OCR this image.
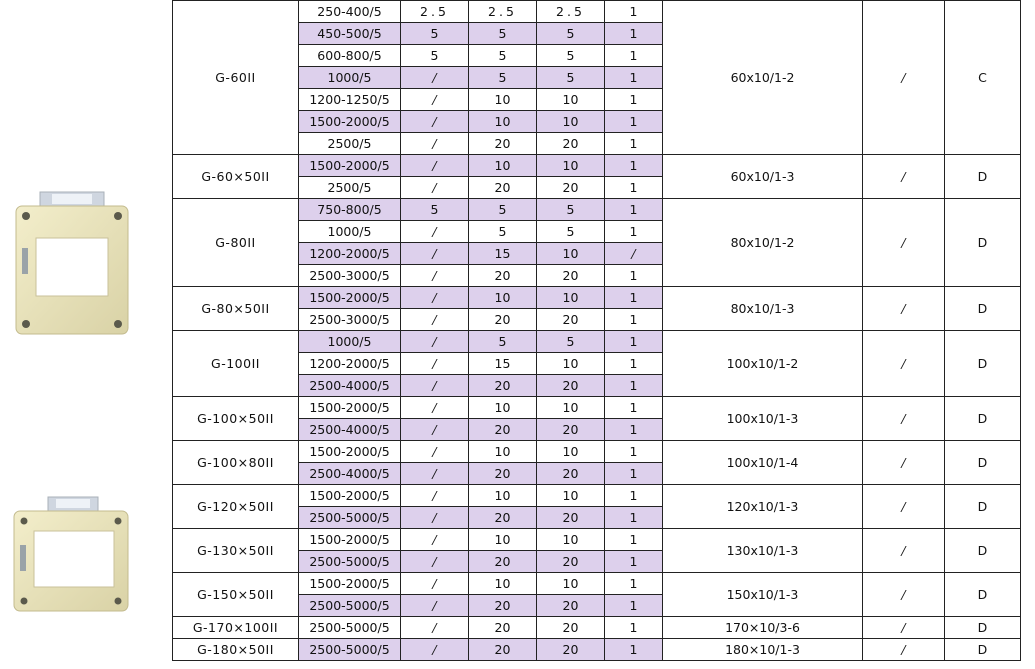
G-60II	250-400/5	2.5	2.5	2.5	1	60x10/1-2	/	C
	450-500/5	5	5	5	1			
	600-800/5	5	5	5	1			
	1000/5	/	5	5	1			
	1200-1250/5	/	10	10	1			
	1500-2000/5	/	10	10	1			
	2500/5	/	20	20	1			
G-60×50II	1500-2000/5	/	10	10	1	60x10/1-3	/	D
	2500/5	/	20	20	1			
G-80II	750-800/5	5	5	5	1	80x10/1-2	/	D
	1000/5	/	5	5	1			
	1200-2000/5	/	15	10	/			
	2500-3000/5	/	20	20	1			
G-80×50II	1500-2000/5	/	10	10	1	80x10/1-3	/	D
	2500-3000/5	/	20	20	1			
G-100II	1000/5	/	5	5	1	100x10/1-2	/	D
	1200-2000/5	/	15	10	1			
	2500-4000/5	/	20	20	1			
G-100×50II	1500-2000/5	/	10	10	1	100x10/1-3	/	D
	2500-4000/5	/	20	20	1			
G-100×80II	1500-2000/5	/	10	10	1	100x10/1-4	/	D
	2500-4000/5	/	20	20	1			
G-120×50II	1500-2000/5	/	10	10	1	120x10/1-3	/	D
	2500-5000/5	/	20	20	1			
G-130×50II	1500-2000/5	/	10	10	1	130x10/1-3	/	D
	2500-5000/5	/	20	20	1			
G-150×50II	1500-2000/5	/	10	10	1	150x10/1-3	/	D
	2500-5000/5	/	20	20	1			
G-170×100II	2500-5000/5	/	20	20	1	170×10/3-6	/	D
G-180×50II	2500-5000/5	/	20	20	1	180×10/1-3	/	D
